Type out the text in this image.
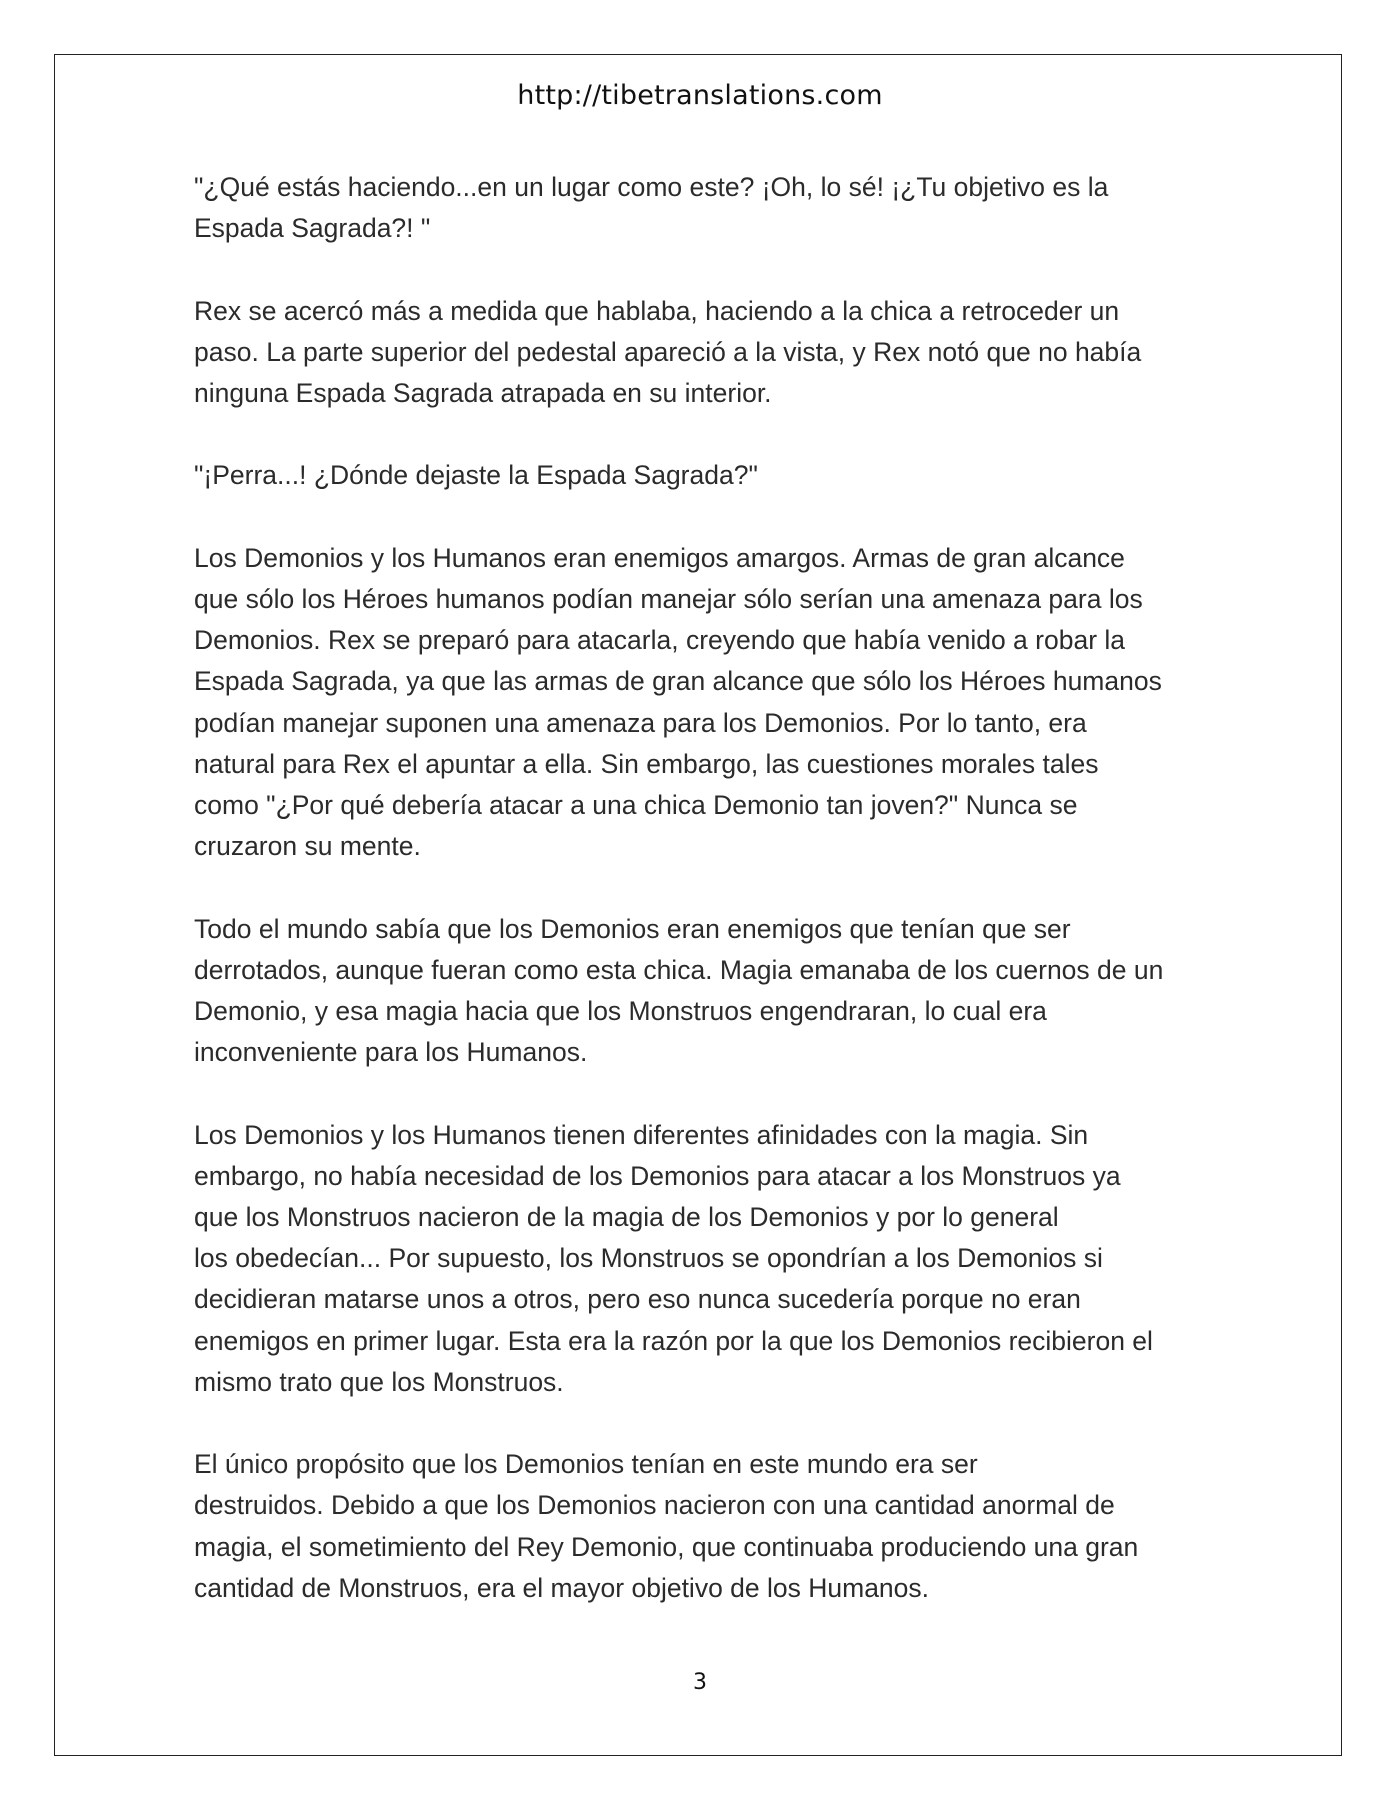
http://tibetranslations.com
"¿Qué estás haciendo...en un lugar como este? ¡Oh, lo sé! ¡¿Tu objetivo es la
Espada Sagrada?! "
Rex se acercó más a medida que hablaba, haciendo a la chica a retroceder un
paso. La parte superior del pedestal apareció a la vista, y Rex notó que no había
ninguna Espada Sagrada atrapada en su interior.
"¡Perra...! ¿Dónde dejaste la Espada Sagrada?"
Los Demonios y los Humanos eran enemigos amargos. Armas de gran alcance
que sólo los Héroes humanos podían manejar sólo serían una amenaza para los
Demonios. Rex se preparó para atacarla, creyendo que había venido a robar la
Espada Sagrada, ya que las armas de gran alcance que sólo los Héroes humanos
podían manejar suponen una amenaza para los Demonios. Por lo tanto, era
natural para Rex el apuntar a ella. Sin embargo, las cuestiones morales tales
como "¿Por qué debería atacar a una chica Demonio tan joven?" Nunca se
cruzaron su mente.
Todo el mundo sabía que los Demonios eran enemigos que tenían que ser
derrotados, aunque fueran como esta chica. Magia emanaba de los cuernos de un
Demonio, y esa magia hacia que los Monstruos engendraran, lo cual era
inconveniente para los Humanos.
Los Demonios y los Humanos tienen diferentes afinidades con la magia. Sin
embargo, no había necesidad de los Demonios para atacar a los Monstruos ya
que los Monstruos nacieron de la magia de los Demonios y por lo general
los obedecían... Por supuesto, los Monstruos se opondrían a los Demonios si
decidieran matarse unos a otros, pero eso nunca sucedería porque no eran
enemigos en primer lugar. Esta era la razón por la que los Demonios recibieron el
mismo trato que los Monstruos.
El único propósito que los Demonios tenían en este mundo era ser
destruidos. Debido a que los Demonios nacieron con una cantidad anormal de
magia, el sometimiento del Rey Demonio, que continuaba produciendo una gran
cantidad de Monstruos, era el mayor objetivo de los Humanos.
3
